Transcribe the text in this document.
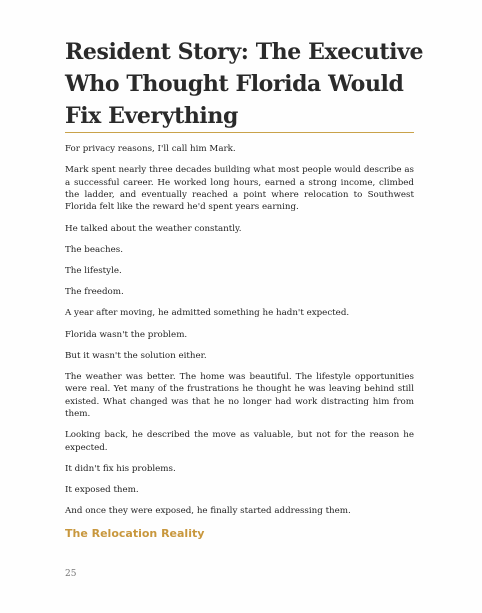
Resident Story: The Executive Who Thought Florida Would Fix Everything

For privacy reasons, I'll call him Mark.

Mark spent nearly three decades building what most people would describe as a successful career. He worked long hours, earned a strong income, climbed the ladder, and eventually reached a point where relocation to Southwest Florida felt like the reward he'd spent years earning.

He talked about the weather constantly.

The beaches.

The lifestyle.

The freedom.

A year after moving, he admitted something he hadn't expected.

Florida wasn't the problem.

But it wasn't the solution either.

The weather was better. The home was beautiful. The lifestyle opportunities were real. Yet many of the frustrations he thought he was leaving behind still existed. What changed was that he no longer had work distracting him from them.

Looking back, he described the move as valuable, but not for the reason he expected.

It didn't fix his problems.

It exposed them.

And once they were exposed, he finally started addressing them.

The Relocation Reality
25
